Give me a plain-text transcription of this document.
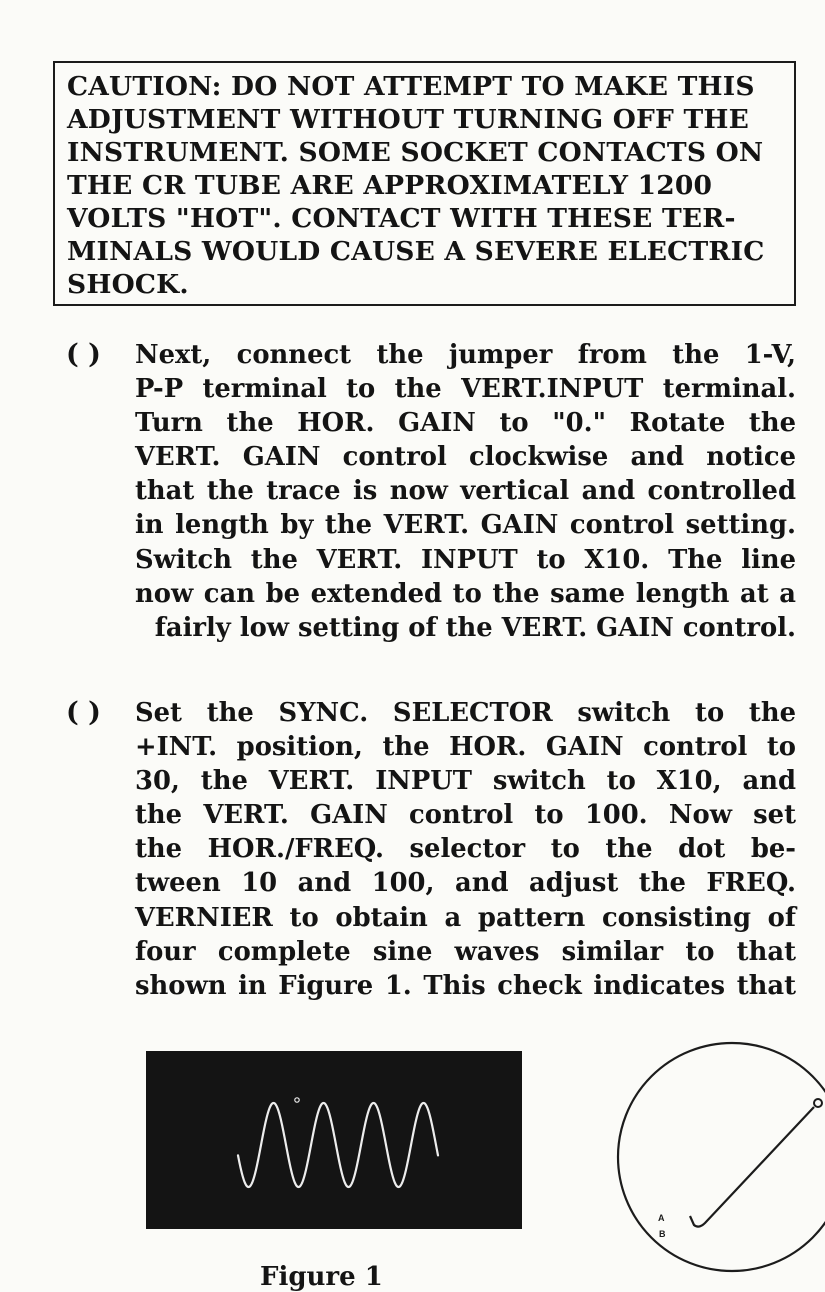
CAUTION: DO NOT ATTEMPT TO MAKE THIS
ADJUSTMENT WITHOUT TURNING OFF THE
INSTRUMENT. SOME SOCKET CONTACTS ON
THE CR TUBE ARE APPROXIMATELY 1200
VOLTS "HOT". CONTACT WITH THESE TER-
MINALS WOULD CAUSE A SEVERE ELECTRIC
SHOCK.
( ) Next, connect the jumper from the 1-V,
P-P terminal to the VERT.INPUT terminal.
Turn the HOR. GAIN to "0." Rotate the
VERT. GAIN control clockwise and notice
that the trace is now vertical and controlled
in length by the VERT. GAIN control setting.
Switch the VERT. INPUT to X10. The line
now can be extended to the same length at a
fairly low setting of the VERT. GAIN control.
( ) Set the SYNC. SELECTOR switch to the
+INT. position, the HOR. GAIN control to
30, the VERT. INPUT switch to X10, and
the VERT. GAIN control to 100. Now set
the HOR./FREQ. selector to the dot be-
tween 10 and 100, and adjust the FREQ.
VERNIER to obtain a pattern consisting of
four complete sine waves similar to that
shown in Figure 1. This check indicates that
Figure 1
A
B
